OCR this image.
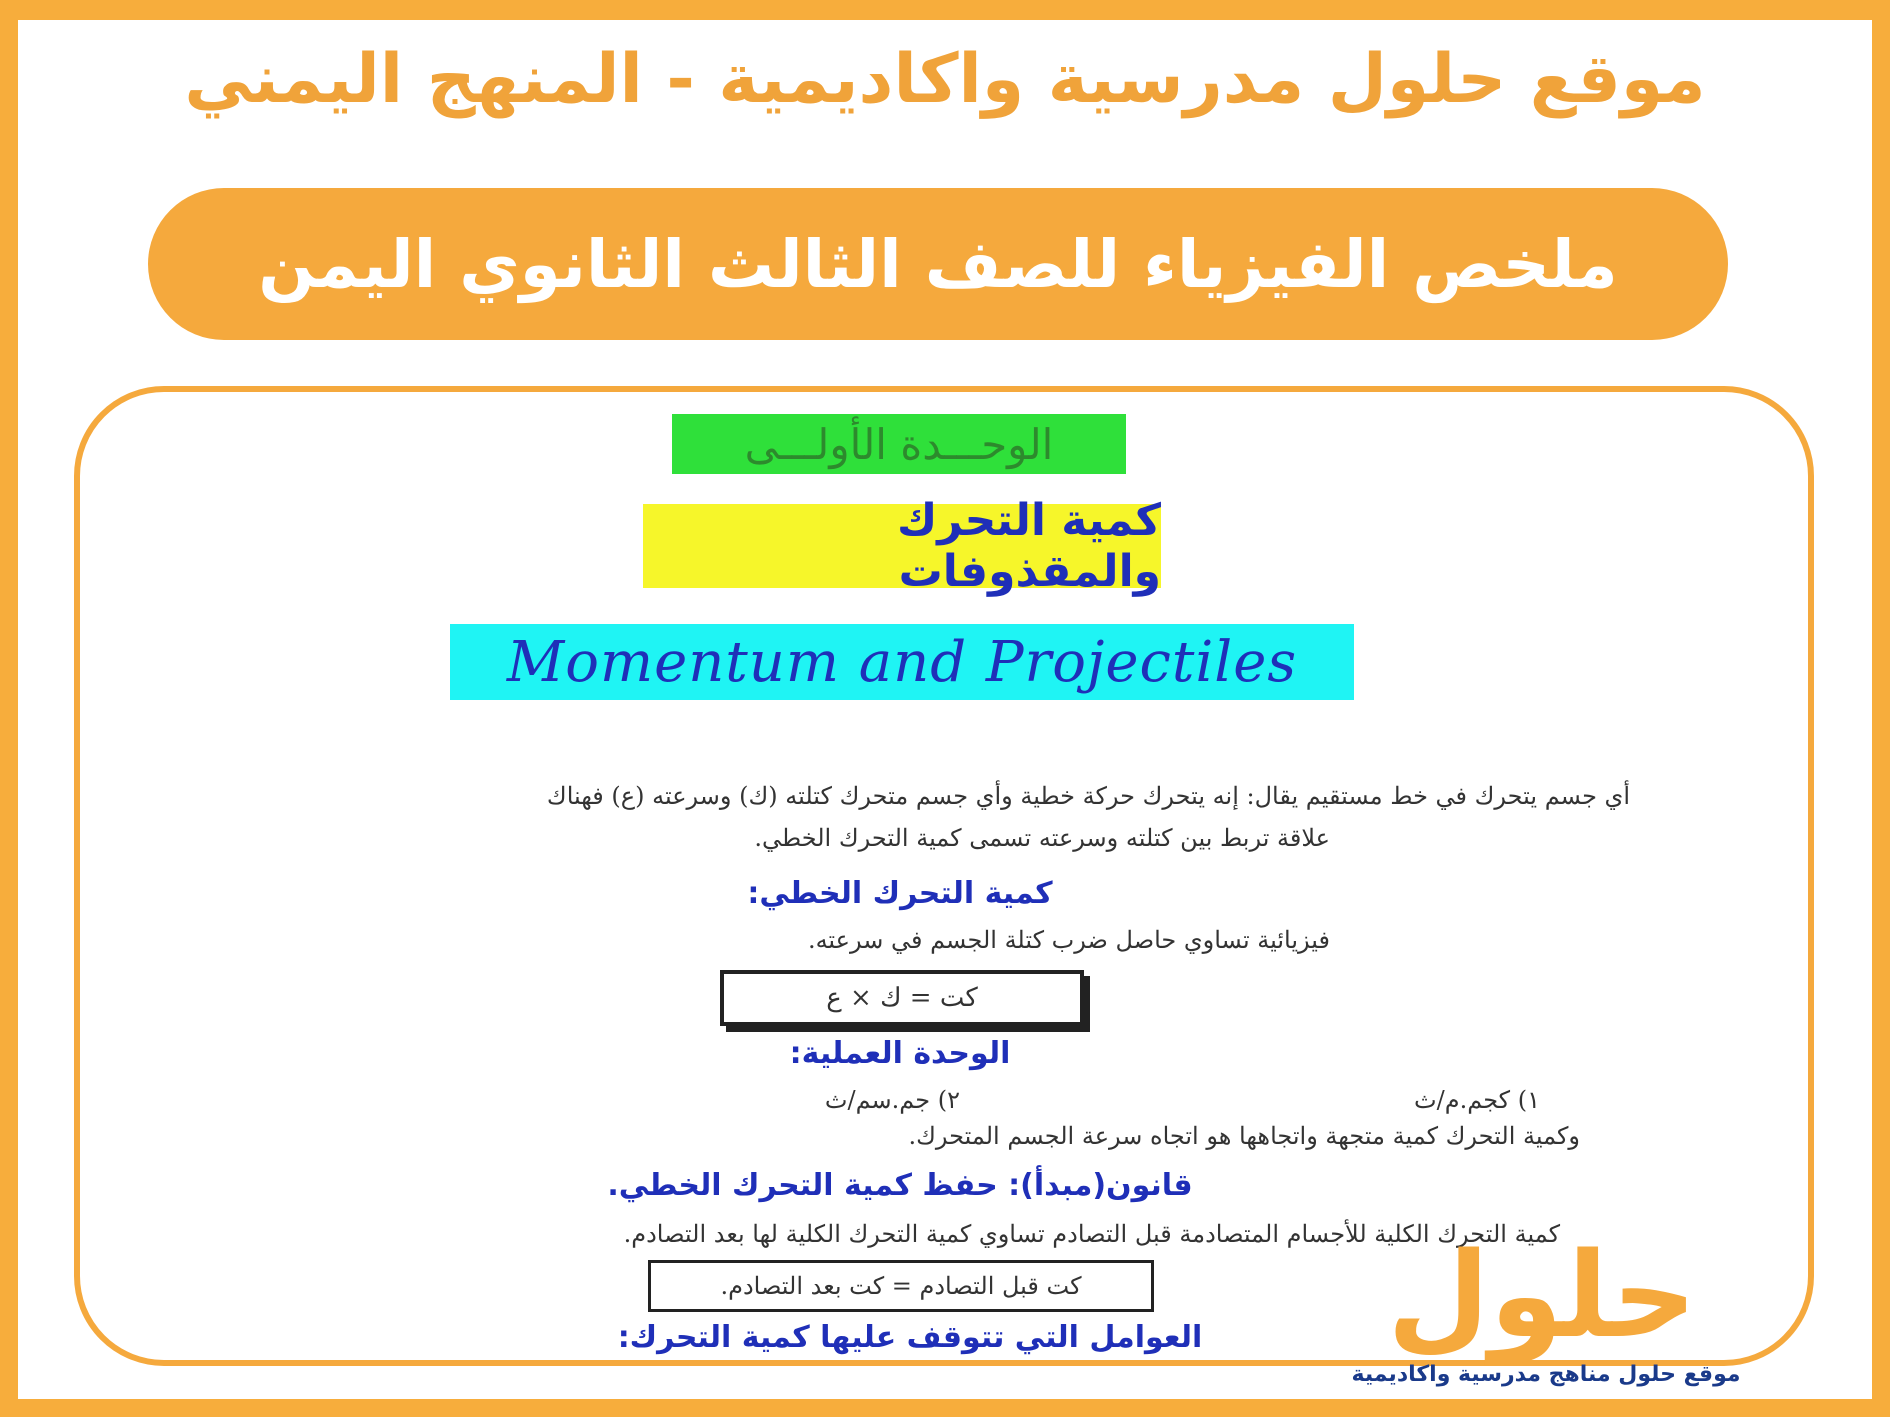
موقع حلول مدرسية واكاديمية - المنهج اليمني
ملخص الفيزياء للصف الثالث الثانوي اليمن
الوحـــدة الأولـــى
كمية التحرك والمقذوفات
Momentum and Projectiles
أي جسم يتحرك في خط مستقيم يقال: إنه يتحرك حركة خطية وأي جسم متحرك كتلته (ك) وسرعته (ع) فهناك
علاقة تربط بين كتلته وسرعته تسمى كمية التحرك الخطي.
كمية التحرك الخطي:
فيزيائية تساوي حاصل ضرب كتلة الجسم في سرعته.
كت = ك × ع
الوحدة العملية:
١) كجم.م/ث
٢) جم.سم/ث
وكمية التحرك كمية متجهة واتجاهها هو اتجاه سرعة الجسم المتحرك.
قانون(مبدأ): حفظ كمية التحرك الخطي.
كمية التحرك الكلية للأجسام المتصادمة قبل التصادم تساوي كمية التحرك الكلية لها بعد التصادم.
كت قبل التصادم = كت بعد التصادم.
العوامل التي تتوقف عليها كمية التحرك:	حلول
موقع حلول مناهج مدرسية واكاديمية
